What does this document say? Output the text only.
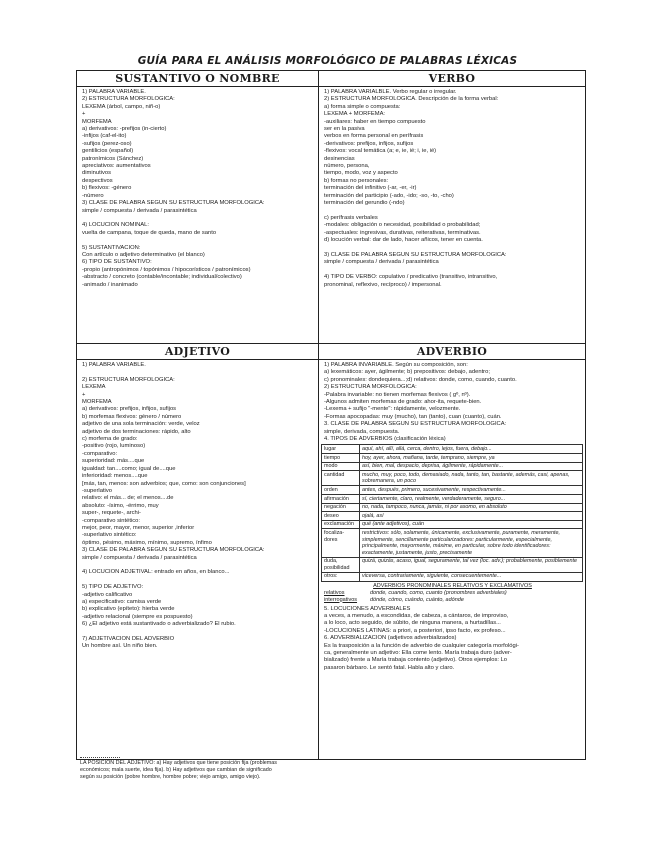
GUÍA PARA EL ANÁLISIS MORFOLÓGICO DE PALABRAS LÉXICAS
SUSTANTIVO O NOMBRE
1) PALABRA VARIABLE.
2) ESTRUCTURA MORFOLÓGICA:
LEXEMA (árbol, campo, niñ-o)
+
MORFEMA
a) derivativos: -prefijos (in-cierto)
-infijos (caf-el-ito)
-sufijos (perez-oso)
gentilicios (español)
patronímicos (Sánchez)
apreciativos: aumentativos
diminutivos
despectivos
b) flexivos: -género
-número
3) CLASE DE PALABRA SEGÚN SU ESTRUCTURA MORFOLÓGICA:
simple / compuesta / derivada / parasintética

4) LOCUCIÓN NOMINAL:
vuelta de campana, toque de queda, mano de santo

5) SUSTANTIVACIÓN:
Con artículo o adjetivo determinativo (el blanco)
6) TIPO DE SUSTANTIVO:
-propio (antropónimos / topónimos / hipocorísticos / patronímicos)
-abstracto / concreto (contable/incontable; individual/colectivo)
-animado / inanimado
ADJETIVO
1) PALABRA VARIABLE.

2) ESTRUCTURA MORFOLÓGICA:
LEXEMA
+
MORFEMA
a) derivativos: prefijos, infijos, sufijos
b) morfemas flexivos: género / número
adjetivo de una sola terminación: verde, veloz
adjetivo de dos terminaciones: rápido, alto
c) morfema de grado:
-positivo (rojo, luminoso)
-comparativo:
superioridad: más....que
igualdad: tan....como; igual de....que
inferioridad: menos....que
[más, tan, menos: son adverbios; que, como: son conjunciones]
-superlativo
relativo: el más... de; el menos....de
absoluto: -ísimo, -érrimo, muy
super-, requete-, archi-
-comparativo sintético:
mejor, peor, mayor, menor, superior ,inferior
-superlativo sintético:
óptimo, pésimo, máximo, mínimo, supremo, ínfimo
3) CLASE DE PALABRA SEGÚN SU ESTRUCTURA MORFOLÓGICA:
simple / compuesta / derivada / parasintética

4) LOCUCIÓN ADJETIVAL: entrado en años, en blanco...

5) TIPO DE ADJETIVO:
-adjetivo calificativo
a) especificativo: camisa verde
b) explicativo (epíteto): hierba verde
-adjetivo relacional (siempre es pospuesto)
6) ¿El adjetivo está sustantivado o adverbializado? El rubio.

7) ADJETIVACIÓN DEL ADVERBIO
Un hombre así. Un niño bien.
VERBO
1) PALABRA VARIALBLE. Verbo regular o irregular.
2) ESTRUCTURA MORFOLÓGICA. Descripción de la forma verbal:
a) forma simple o compuesta:
LEXEMA + MORFEMA:
-auxiliares: haber en tiempo compuesto
ser en la pasiva
verbos en forma personal en perífrasis
-derivativos: prefijos, infijos, sufijos
-flexivos: vocal temática (a; e, ie, ié; i, ie, ié)
desinencias
número, persona,
tiempo, modo, voz y aspecto
b) formas no personales:
terminación del infinitivo (-ar, -er, -ir)
terminación del participio (-ado, -ido; -so, -to, -cho)
terminación del gerundio (-ndo)

c) perífrasis verbales
-modales: obligación o necesidad, posibilidad o probabilidad;
-aspectuales: ingresivas, durativas, reiterativas, terminativas.
d) locución verbal: dar de lado, hacer añicos, tener en cuenta.

3) CLASE DE PALABRA SEGÚN SU ESTRUCTURA MORFOLÓGICA:
simple / compuesta / derivada / parasintética

4) TIPO DE VERBO: copulativo / predicativo (transitivo, intransitivo,
pronominal, reflexivo, recíproco) / impersonal.
ADVERBIO
1) PALABRA INVARIABLE. Según su composición, son:
a) lexemáticos: ayer, ágilmente; b) prepositivos: debajo, adentro;
c) pronominales: dondequiera...;d) relativos: donde, como, cuando, cuanto.
2) ESTRUCTURA MORFOLÓGICA:
-Palabra invariable: no tienen morfemas flexivos ( gº, nº).
-Algunos admiten morfemas de grado: ahor-ita, requete-bien.
-Lexema + sufijo "-mente": rápidamente, velozmente.
-Formas apocopadas: muy (mucho), tan (tanto), cuan (cuanto), cuán.
3. CLASE DE PALABRA SEGÚN SU ESTRUCTURA MORFOLÓGICA:
simple, derivada, compuesta.
4. TIPOS DE ADVERBIOS (clasificación léxica)
lugar	aquí, ahí, allí, allá, cerca, dentro, lejos, fuera, debajo...
tiempo	hoy, ayer, ahora, mañana, tarde, temprano, siempre, ya
modo	así, bien, mal, despacio, deprisa, ágilmente, rápidamente...
cantidad	mucho, muy, poco, todo, demasiado, nada, tanto, tan, bastante, además, casi, apenas, sobremanera, un poco
orden	antes, después, primero, sucesivamente, respectivamente...
afirmación	sí, ciertamente, claro, realmente, verdaderamente, seguro...
negación	no, nada, tampoco, nunca, jamás, ni por asomo, en absoluto
deseo	ojalá, así
exclamación	qué (ante adjetivos), cuán
focaliza-dores	restrictivos: sólo, solamente, únicamente, exclusivamente, puramente, meramente, simplemente, sencillamente particularizadores: particularmente, especialmente, principalmente, mayormente, máxime, en particular, sobre todo identificadores: exactamente, justamente, justo, precisamente
duda, posibilidad	quizá, quizás, acaso, igual, seguramente, tal vez (loc. adv.); probablemente, posiblemente
otros:	viceversa, contrariamente, siguiente, consecuentemente...
ADVERBIOS PRONOMINALES RELATIVOS Y EXCLAMATIVOS
relativos	donde, cuando, como, cuanto (pronombres adverbiales)
interrogativos	dónde, cómo, cuándo, cuánto, adónde
5. LOCUCIONES ADVERBIALES
a veces, a menudo, a escondidas, de cabeza, a cántaros, de improviso,
a lo loco, acto seguido, de súbito, de ninguna manera, a hurtadillas...
-LOCUCIONES LATINAS: a priori, a posteriori, ipso facto, ex profeso...
6. ADVERBIALIZACIÓN (adjetivos adverbializados)
Es la trasposición a la función de adverbio de cualquier categoría morfológi-
ca, generalmente un adjetivo: Ella come lento. María trabaja duro (adver-
bializado) frente a María trabaja contento (adjetivo). Otros ejemplos: Lo
pasaron bárbaro. Le sentó fatal. Habla alto y claro.
LA POSICIÓN DEL ADJETIVO: a) Hay adjetivos que tiene posición fija (problemas
económicos; mala suerte, idea fija). b) Hay adjetivos que cambian de significado
según su posición (pobre hombre, hombre pobre; viejo amigo, amigo viejo).
